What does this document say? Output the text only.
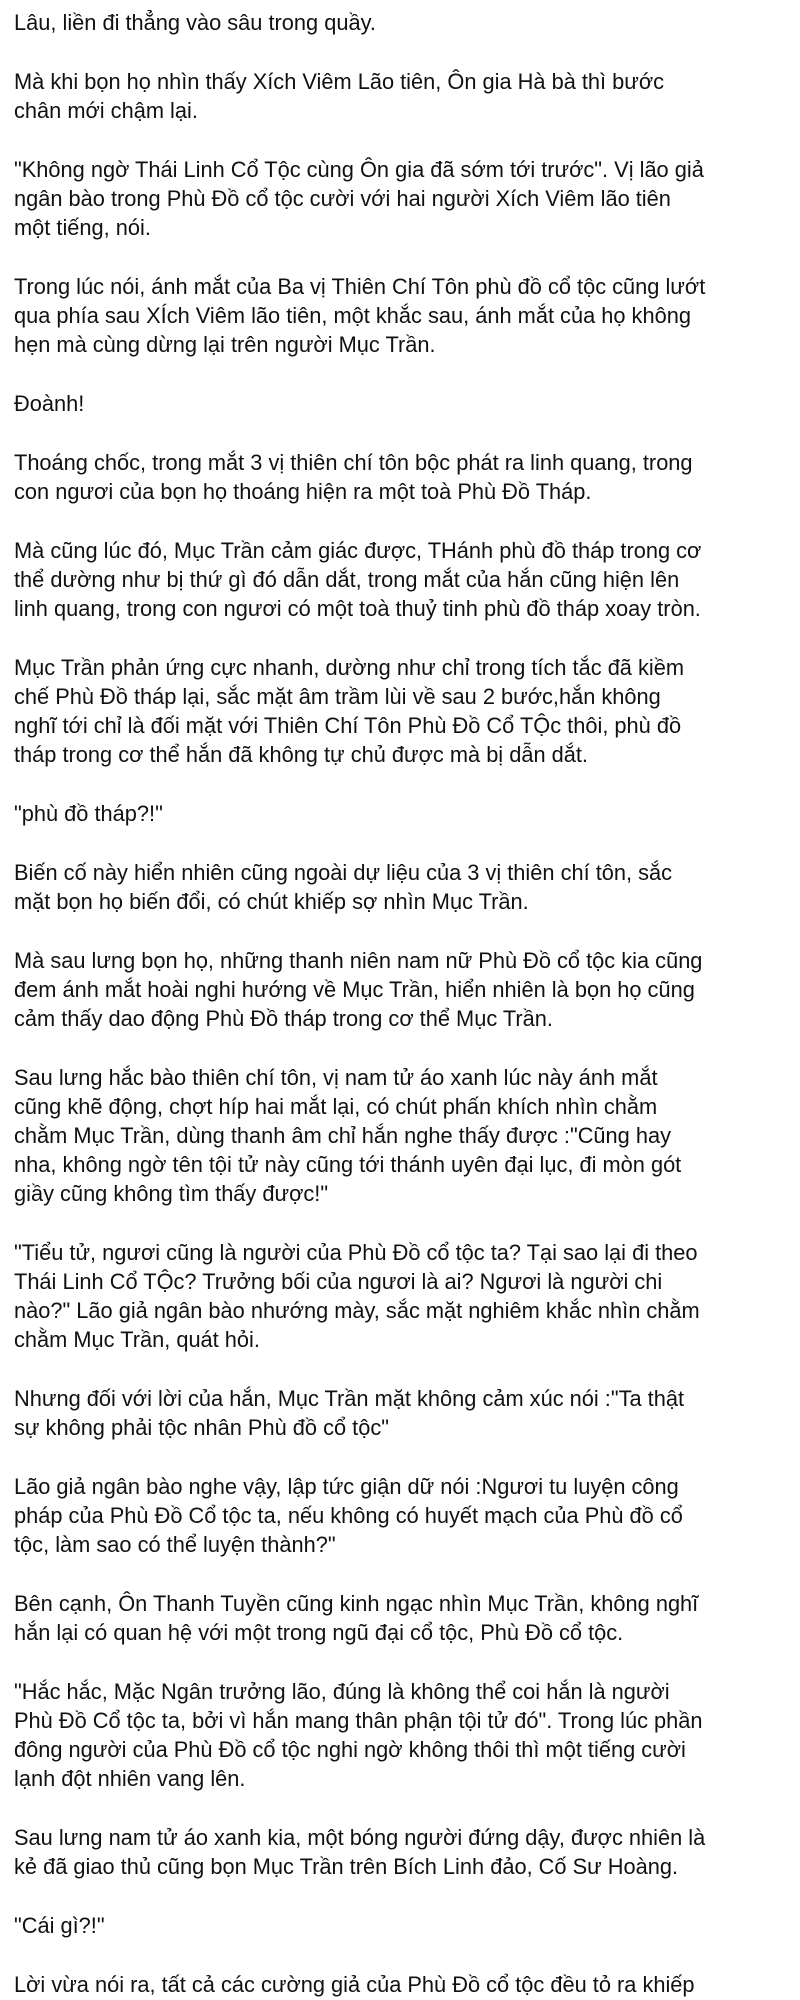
Lâu, liền đi thẳng vào sâu trong quầy.

Mà khi bọn họ nhìn thấy Xích Viêm Lão tiên, Ôn gia Hà bà thì bước
chân mới chậm lại.

"Không ngờ Thái Linh Cổ Tộc cùng Ôn gia đã sớm tới trước". Vị lão giả
ngân bào trong Phù Đồ cổ tộc cười với hai người Xích Viêm lão tiên
một tiếng, nói.

Trong lúc nói, ánh mắt của Ba vị Thiên Chí Tôn phù đồ cổ tộc cũng lướt
qua phía sau XÍch Viêm lão tiên, một khắc sau, ánh mắt của họ không
hẹn mà cùng dừng lại trên người Mục Trần.

Đoành!

Thoáng chốc, trong mắt 3 vị thiên chí tôn bộc phát ra linh quang, trong
con ngươi của bọn họ thoáng hiện ra một toà Phù Đồ Tháp.

Mà cũng lúc đó, Mục Trần cảm giác được, THánh phù đồ tháp trong cơ
thể dường như bị thứ gì đó dẫn dắt, trong mắt của hắn cũng hiện lên
linh quang, trong con ngươi có một toà thuỷ tinh phù đồ tháp xoay tròn.

Mục Trần phản ứng cực nhanh, dường như chỉ trong tích tắc đã kiềm
chế Phù Đồ tháp lại, sắc mặt âm trầm lùi về sau 2 bước,hắn không
nghĩ tới chỉ là đối mặt với Thiên Chí Tôn Phù Đồ Cổ TỘc thôi, phù đồ
tháp trong cơ thể hắn đã không tự chủ được mà bị dẫn dắt.

"phù đồ tháp?!"

Biến cố này hiển nhiên cũng ngoài dự liệu của 3 vị thiên chí tôn, sắc
mặt bọn họ biến đổi, có chút khiếp sợ nhìn Mục Trần.

Mà sau lưng bọn họ, những thanh niên nam nữ Phù Đồ cổ tộc kia cũng
đem ánh mắt hoài nghi hướng về Mục Trần, hiển nhiên là bọn họ cũng
cảm thấy dao động Phù Đồ tháp trong cơ thể Mục Trần.

Sau lưng hắc bào thiên chí tôn, vị nam tử áo xanh lúc này ánh mắt
cũng khẽ động, chợt híp hai mắt lại, có chút phấn khích nhìn chằm
chằm Mục Trần, dùng thanh âm chỉ hắn nghe thấy được :"Cũng hay
nha, không ngờ tên tội tử này cũng tới thánh uyên đại lục, đi mòn gót
giầy cũng không tìm thấy được!"

"Tiểu tử, ngươi cũng là người của Phù Đồ cổ tộc ta? Tại sao lại đi theo
Thái Linh Cổ TỘc? Trưởng bối của ngươi là ai? Ngươi là người chi
nào?" Lão giả ngân bào nhướng mày, sắc mặt nghiêm khắc nhìn chằm
chằm Mục Trần, quát hỏi.

Nhưng đối với lời của hắn, Mục Trần mặt không cảm xúc nói :"Ta thật
sự không phải tộc nhân Phù đồ cổ tộc"

Lão giả ngân bào nghe vậy, lập tức giận dữ nói :Ngươi tu luyện công
pháp của Phù Đồ Cổ tộc ta, nếu không có huyết mạch của Phù đồ cổ
tộc, làm sao có thể luyện thành?"

Bên cạnh, Ôn Thanh Tuyền cũng kinh ngạc nhìn Mục Trần, không nghĩ
hắn lại có quan hệ với một trong ngũ đại cổ tộc, Phù Đồ cổ tộc.

"Hắc hắc, Mặc Ngân trưởng lão, đúng là không thể coi hắn là người
Phù Đồ Cổ tộc ta, bởi vì hắn mang thân phận tội tử đó". Trong lúc phần
đông người của Phù Đồ cổ tộc nghi ngờ không thôi thì một tiếng cười
lạnh đột nhiên vang lên.

Sau lưng nam tử áo xanh kia, một bóng người đứng dậy, được nhiên là
kẻ đã giao thủ cũng bọn Mục Trần trên Bích Linh đảo, Cố Sư Hoàng.

"Cái gì?!"

Lời vừa nói ra, tất cả các cường giả của Phù Đồ cổ tộc đều tỏ ra khiếp
